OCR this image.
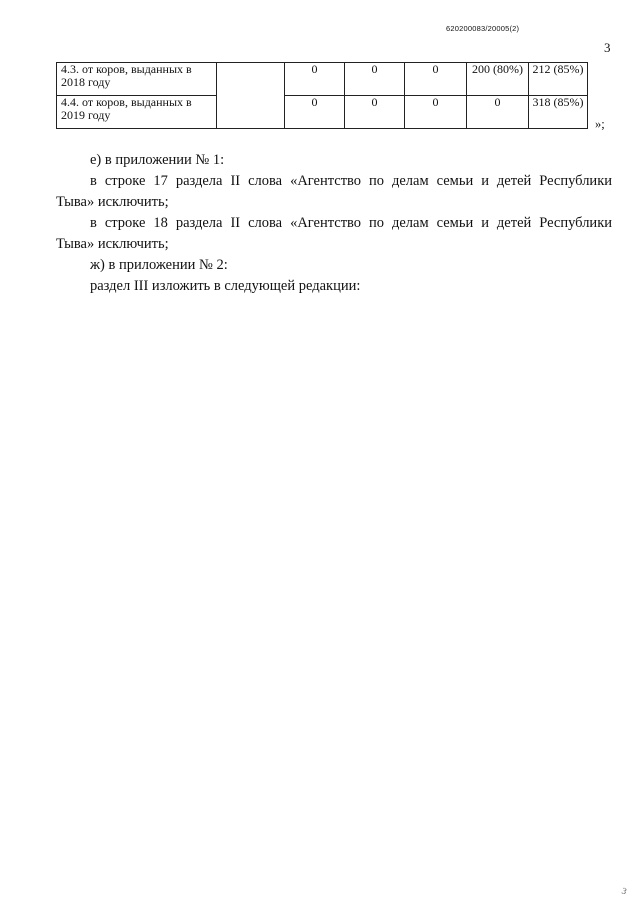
620200083/20005(2)
3
4.3. от коров, выданных в 2018 году		0	0	0	200 (80%)	212 (85%)
4.4. от коров, выданных в 2019 году		0	0	0	0	318 (85%)
»;

е) в приложении № 1:

в строке 17 раздела II слова «Агентство по делам семьи и детей Республики

Тыва» исключить;

в строке 18 раздела II слова «Агентство по делам семьи и детей Республики

Тыва» исключить;

ж) в приложении № 2:

раздел III изложить в следующей редакции:

3
